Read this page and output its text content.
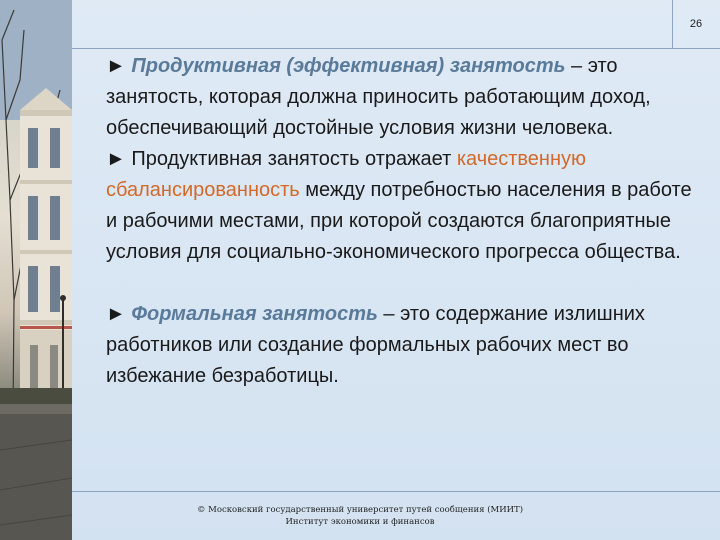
26

► Продуктивная (эффективная) занятость – это занятость, которая должна приносить работающим доход, обеспечивающий достойные условия жизни человека.

► Продуктивная занятость отражает качественную сбалансированность между потребностью населения в работе и рабочими местами, при которой создаются благоприятные условия для социально-экономического прогресса общества.

► Формальная занятость – это содержание излишних работников или создание формальных рабочих мест во избежание безработицы.

© Московский государственный университет путей сообщения (МИИТ)
Институт экономики и финансов
